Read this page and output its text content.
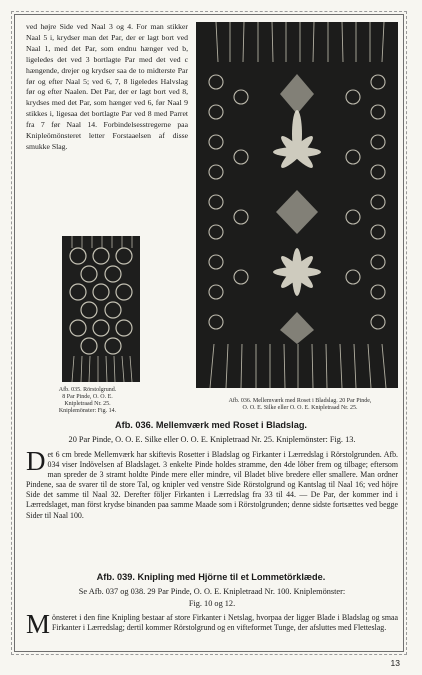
ved højre Side ved Naal 3 og 4. For man stikker Naal 5 i, krydser man det Par, der er lagt bort ved Naal 1, med det Par, som endnu hænger ved b, ligeledes det ved 3 bortlagte Par med det ved c hængende, drejer og krydser saa de to midterste Par før og efter Naal 5; ved 6, 7, 8 ligeledes Halvslag før og efter Naalen. Det Par, der er lagt bort ved 8, krydses med det Par, som hænger ved 6, før Naal 9 stikkes i, ligesaa det bortlagte Par ved 8 med Parret fra 7 før Naal 14. Forbindelsesstregerne paa Knipleömönsteret letter Forstaaelsen af disse smukke Slag.
Afb. 035. Rörstolgrund.
8 Par Pinde, O. O. E.
Knipletraad Nr. 25.
Kniplemönster: Fig. 14.
Afb. 036. Mellemværk med Roset i Bladslag. 20 Par Pinde,
O. O. E. Silke eller O. O. E. Knipletraad Nr. 25.
Afb. 036. Mellemværk med Roset i Bladslag.
20 Par Pinde, O. O. E. Silke eller O. O. E. Knipletraad Nr. 25. Kniplemönster: Fig. 13.
Det 6 cm brede Mellemværk har skiftevis Rosetter i Bladslag og Firkanter i Lærredslag i Rörstolgrunden. Afb. 034 viser Indövelsen af Bladslaget. 3 enkelte Pinde holdes stramme, den 4de löber frem og tilbage; eftersom man spreder de 3 stramt holdte Pinde mere eller mindre, vil Bladet blive bredere eller smallere. Man ordner Pindene, saa de svarer til de store Tal, og knipler ved venstre Side Rörstolgrund og Kantslag til Naal 16; ved höjre Side det samme til Naal 32. Derefter följer Firkanten i Lærredslag fra 33 til 44. — De Par, der kommer ind i Lærredslaget, man först krydse binanden paa samme Maade som i Rörstolgrunden; denne sidste fortsættes ved begge Sider til Naal 100.
Afb. 039. Knipling med Hjörne til et Lommetörklæde.
Se Afb. 037 og 038. 29 Par Pinde, O. O. E. Knipletraad Nr. 100. Kniplemönster:
Fig. 10 og 12.
Mönsteret i den fine Knipling bestaar af store Firkanter i Netslag, hvorpaa der ligger Blade i Bladslag og smaa Firkanter i Lærredslag; dertil kommer Rörstolgrund og en vifteformet Tunge, der afsluttes med Fletteslag.
13
